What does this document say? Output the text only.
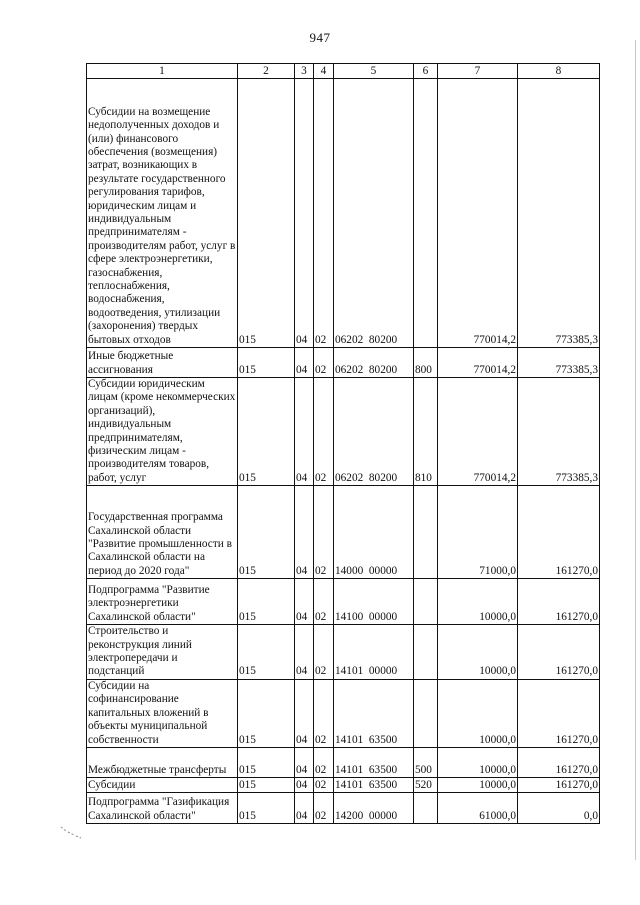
947
1	2	3	4	5	6	7	8
Субсидии на возмещение недополученных доходов и (или) финансового обеспечения (возмещения) затрат, возникающих в результате государственного регулирования тарифов, юридическим лицам и индивидуальным предпринимателям - производителям работ, услуг в сфере электроэнергетики, газоснабжения, теплоснабжения, водоснабжения, водоотведения, утилизации (захоронения) твердых бытовых отходов	015	04	02	06202  80200		770014,2	773385,3
Иные бюджетные ассигнования	015	04	02	06202  80200	800	770014,2	773385,3
Субсидии юридическим лицам (кроме некоммерческих организаций), индивидуальным предпринимателям, физическим лицам - производителям товаров, работ, услуг	015	04	02	06202  80200	810	770014,2	773385,3
Государственная программа Сахалинской области "Развитие промышленности в Сахалинской области на период до 2020 года"	015	04	02	14000  00000		71000,0	161270,0
Подпрограмма "Развитие электроэнергетики Сахалинской области"	015	04	02	14100  00000		10000,0	161270,0
Строительство и реконструкция линий электропередачи и подстанций	015	04	02	14101  00000		10000,0	161270,0
Субсидии на софинансирование капитальных вложений в объекты муниципальной собственности	015	04	02	14101  63500		10000,0	161270,0
Межбюджетные трансферты	015	04	02	14101  63500	500	10000,0	161270,0
Субсидии	015	04	02	14101  63500	520	10000,0	161270,0
Подпрограмма "Газификация Сахалинской области"	015	04	02	14200  00000		61000,0	0,0
